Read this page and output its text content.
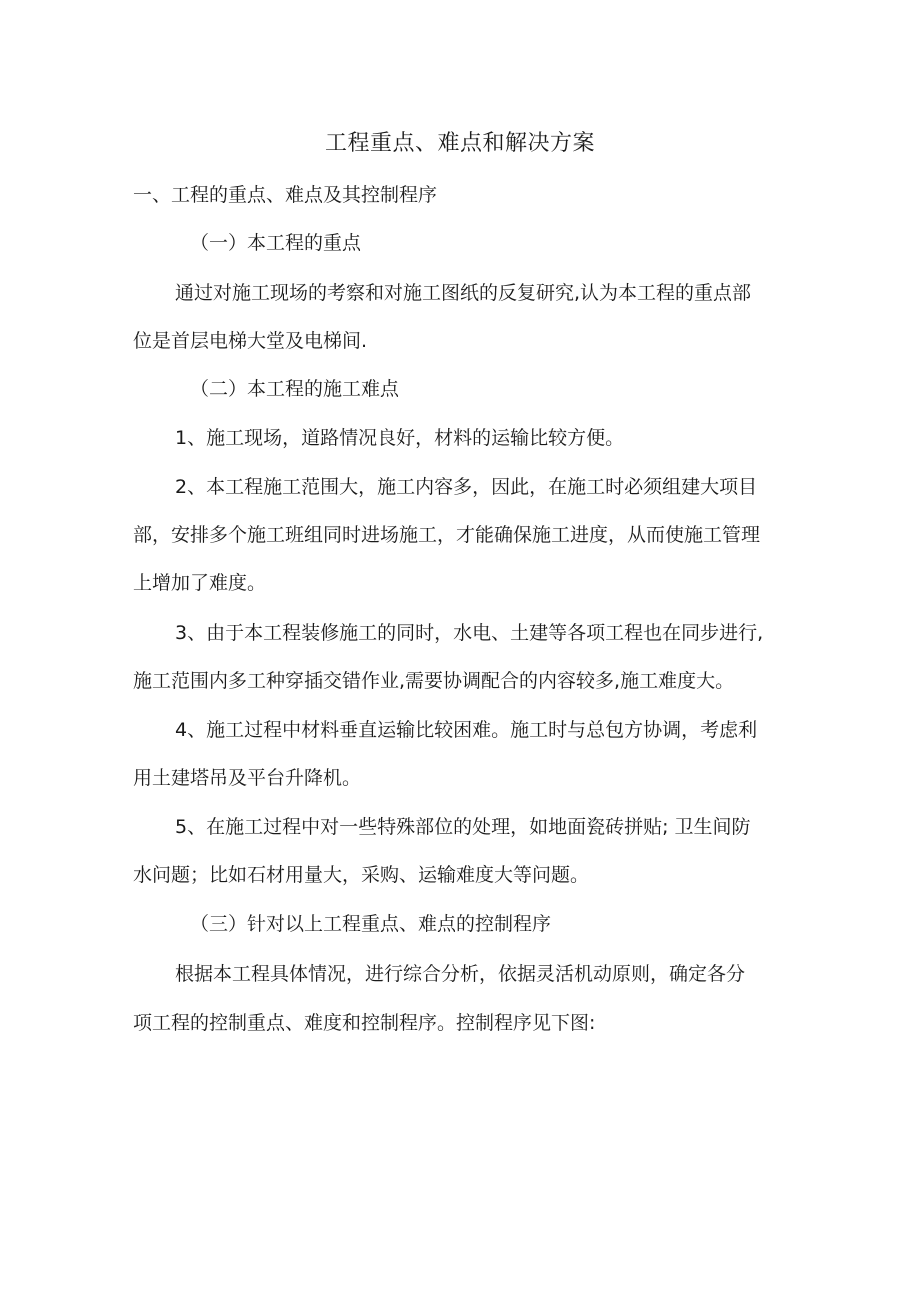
工程重点、难点和解决方案
一、工程的重点、难点及其控制程序
（一）本工程的重点
通过对施工现场的考察和对施工图纸的反复研究,认为本工程的重点部
位是首层电梯大堂及电梯间.
（二）本工程的施工难点
1、施工现场，道路情况良好，材料的运输比较方便。
2、本工程施工范围大，施工内容多，因此，在施工时必须组建大项目
部，安排多个施工班组同时进场施工，才能确保施工进度，从而使施工管理
上增加了难度。
3、由于本工程装修施工的同时，水电、土建等各项工程也在同步进行,
施工范围内多工种穿插交错作业,需要协调配合的内容较多,施工难度大。
4、施工过程中材料垂直运输比较困难。施工时与总包方协调，考虑利
用土建塔吊及平台升降机。
5、在施工过程中对一些特殊部位的处理，如地面瓷砖拼贴; 卫生间防
水问题；比如石材用量大，采购、运输难度大等问题。
（三）针对以上工程重点、难点的控制程序
根据本工程具体情况，进行综合分析，依据灵活机动原则，确定各分
项工程的控制重点、难度和控制程序。控制程序见下图:
